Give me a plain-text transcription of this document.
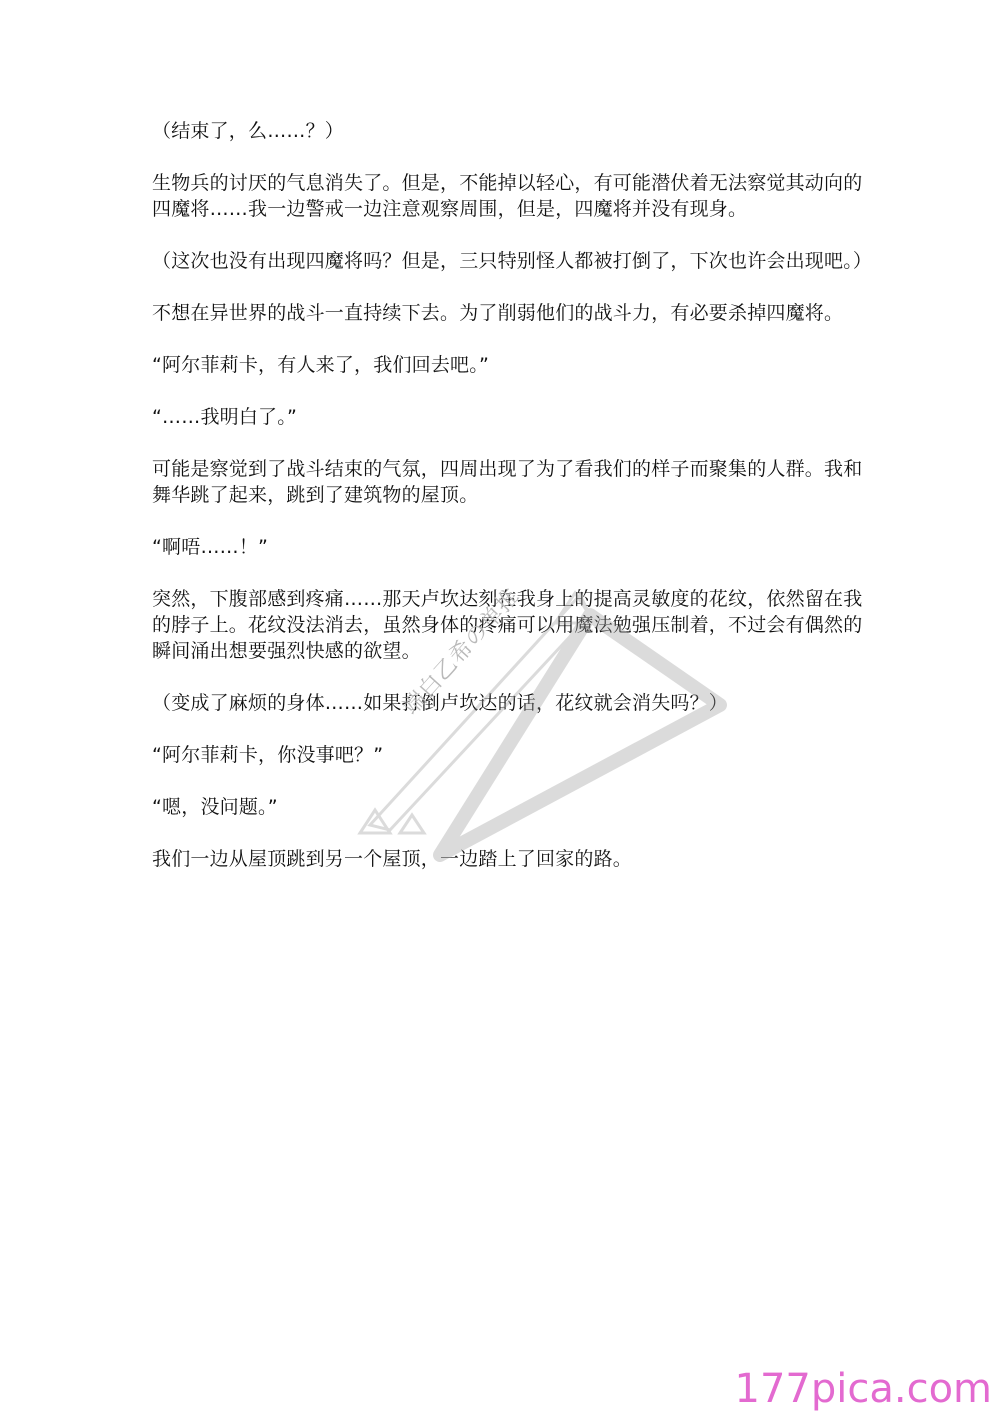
（结束了，么……？）

生物兵的讨厌的气息消失了。但是，不能掉以轻心，有可能潜伏着无法察觉其动向的四魔将……我一边警戒一边注意观察周围，但是，四魔将并没有现身。

（这次也没有出现四魔将吗？但是，三只特别怪人都被打倒了，下次也许会出现吧。）

不想在异世界的战斗一直持续下去。为了削弱他们的战斗力，有必要杀掉四魔将。

“阿尔菲莉卡，有人来了，我们回去吧。”

“……我明白了。”

可能是察觉到了战斗结束的气氛，四周出现了为了看我们的样子而聚集的人群。我和舞华跳了起来，跳到了建筑物的屋顶。

“啊唔……！”

突然，下腹部感到疼痛……那天卢坎达刻在我身上的提高灵敏度的花纹，依然留在我的脖子上。花纹没法消去，虽然身体的疼痛可以用魔法勉强压制着，不过会有偶然的瞬间涌出想要强烈快感的欲望。

（变成了麻烦的身体……如果打倒卢坎达的话，花纹就会消失吗？）

“阿尔菲莉卡，你没事吧？”

“嗯，没问题。”

我们一边从屋顶跳到另一个屋顶，一边踏上了回家的路。

端白乙希の单推
177pica.com
